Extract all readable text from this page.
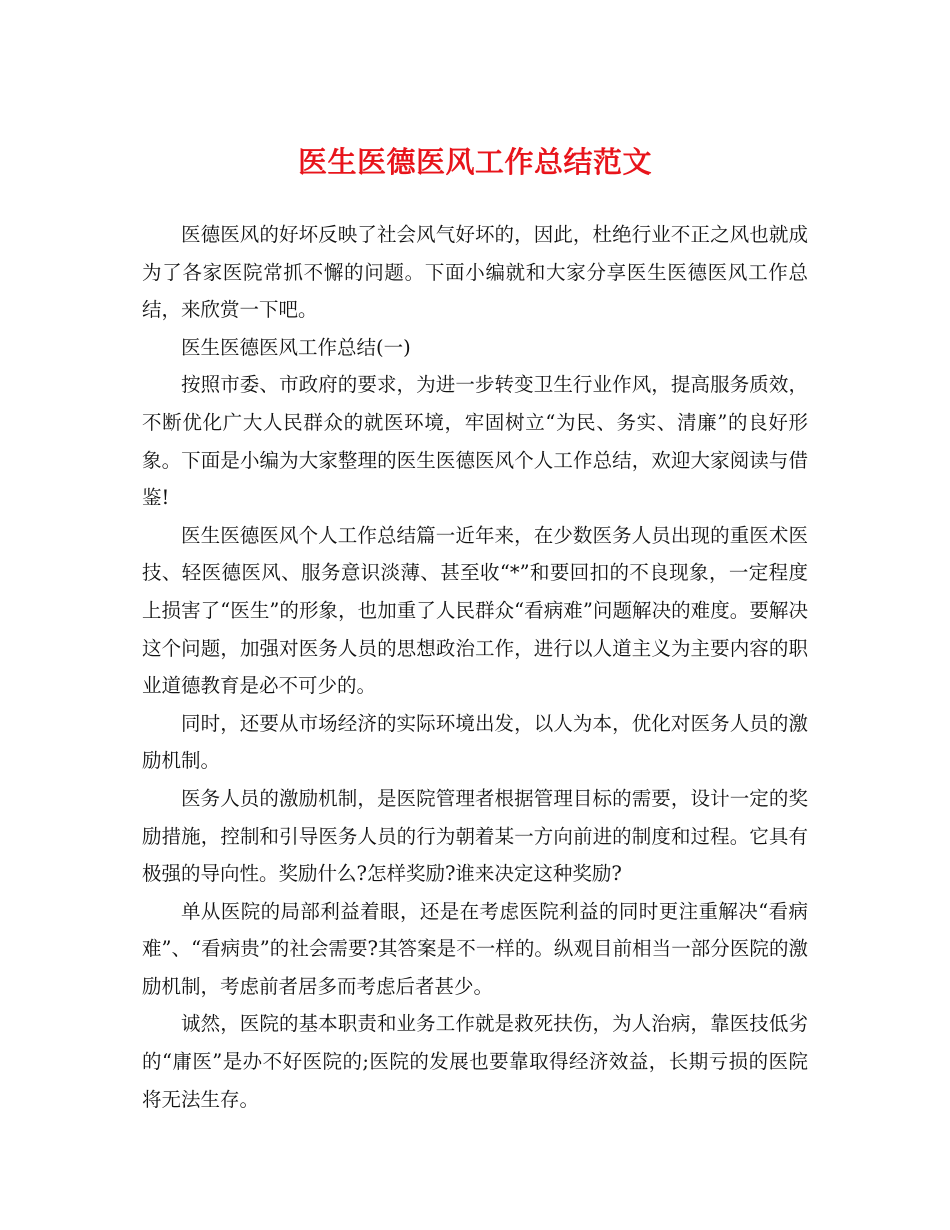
医生医德医风工作总结范文

医德医风的好坏反映了社会风气好坏的，因此，杜绝行业不正之风也就成为了各家医院常抓不懈的问题。下面小编就和大家分享医生医德医风工作总结，来欣赏一下吧。

医生医德医风工作总结(一)

按照市委、市政府的要求，为进一步转变卫生行业作风，提高服务质效，不断优化广大人民群众的就医环境，牢固树立“为民、务实、清廉”的良好形象。下面是小编为大家整理的医生医德医风个人工作总结，欢迎大家阅读与借鉴!

医生医德医风个人工作总结篇一近年来，在少数医务人员出现的重医术医技、轻医德医风、服务意识淡薄、甚至收“*”和要回扣的不良现象，一定程度上损害了“医生”的形象，也加重了人民群众“看病难”问题解决的难度。要解决这个问题，加强对医务人员的思想政治工作，进行以人道主义为主要内容的职业道德教育是必不可少的。

同时，还要从市场经济的实际环境出发，以人为本，优化对医务人员的激励机制。

医务人员的激励机制，是医院管理者根据管理目标的需要，设计一定的奖励措施，控制和引导医务人员的行为朝着某一方向前进的制度和过程。它具有极强的导向性。奖励什么?怎样奖励?谁来决定这种奖励?

单从医院的局部利益着眼，还是在考虑医院利益的同时更注重解决“看病难”、“看病贵”的社会需要?其答案是不一样的。纵观目前相当一部分医院的激励机制，考虑前者居多而考虑后者甚少。

诚然，医院的基本职责和业务工作就是救死扶伤，为人治病，靠医技低劣的“庸医”是办不好医院的;医院的发展也要靠取得经济效益，长期亏损的医院将无法生存。
